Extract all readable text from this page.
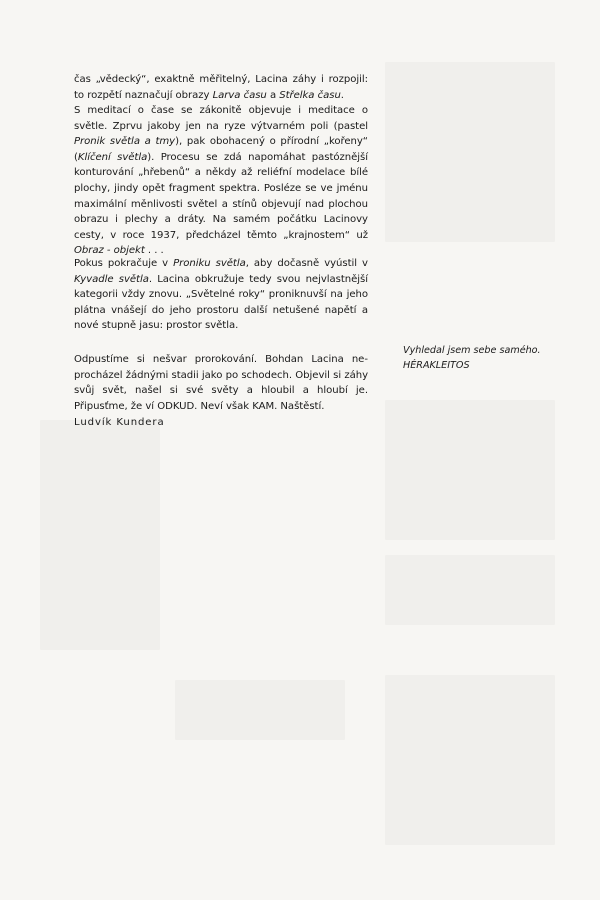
čas „vědecký“, exaktně měřitelný, Lacina záhy i rozpojil: to rozpětí naznačují obrazy Larva času a Střelka času.

S meditací o čase se zákonitě objevuje i meditace o světle. Zprvu jakoby jen na ryze výtvarném poli (pastel Pronik světla a tmy), pak obohacený o přírodní „kořeny“ (Klíčení světla). Procesu se zdá napomáhat pastóznější konturování „hřebenů“ a někdy až reliéfní modelace bílé plochy, jindy opět fragment spektra. Posléze se ve jménu maximální měnlivosti světel a stínů objevují nad plochou obrazu i plechy a dráty. Na samém počátku Lacinovy cesty, v roce 1937, předcházel těmto „krajnostem“ už Obraz - objekt . . .

Pokus pokračuje v Proniku světla, aby dočasně vyústil v Kyvadle světla. Lacina obkružuje tedy svou nejvlastnější kategorii vždy znovu. „Světelné roky“ proniknuvší na jeho plátna vnášejí do jeho prostoru další netušené napětí a nové stupně jasu: prostor světla.

Odpustíme si nešvar prorokování. Bohdan Lacina neprocházel žádnými stadii jako po schodech. Objevil si záhy svůj svět, našel si své světy a hloubil a hloubí je. Připusťme, že ví ODKUD. Neví však KAM. Naštěstí.

Ludvík Kundera
Vyhledal jsem sebe samého.
HÉRAKLEITOS
